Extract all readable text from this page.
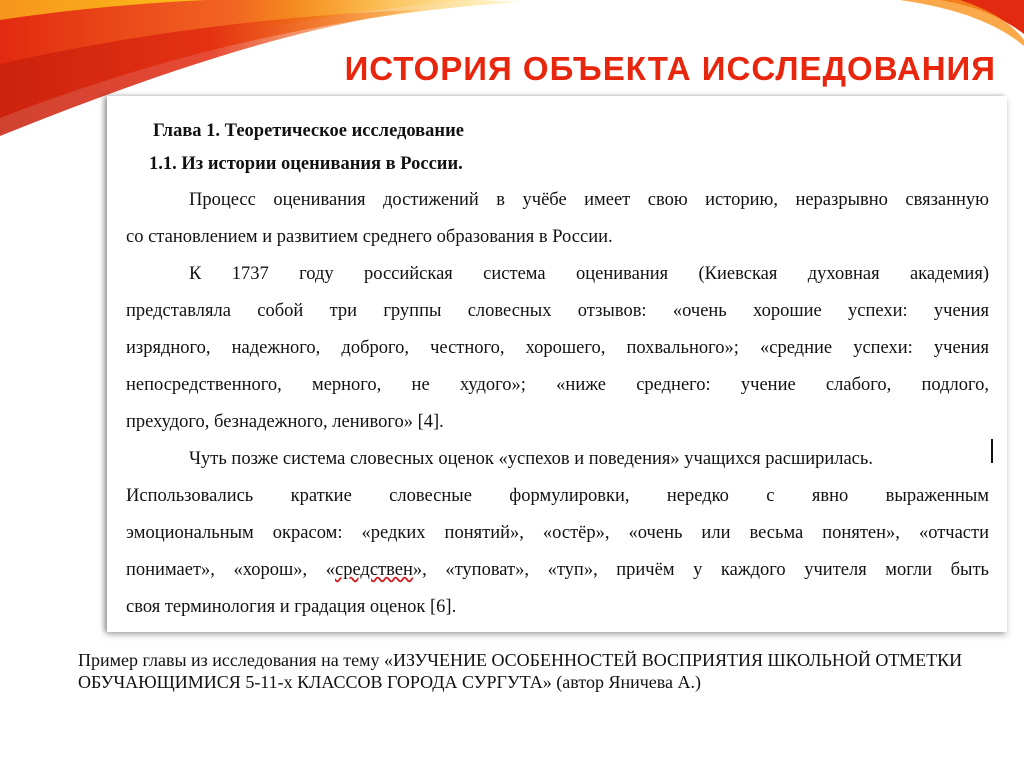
ИСТОРИЯ ОБЪЕКТА ИССЛЕДОВАНИЯ

Глава 1. Теоретическое исследование

1.1. Из истории оценивания в России.

Процесс оценивания достижений в учёбе имеет свою историю, неразрывно связанную

со становлением и развитием среднего образования в России.

К 1737 году российская система оценивания (Киевская духовная академия)

представляла собой три группы словесных отзывов: «очень хорошие успехи: учения

изрядного, надежного, доброго, честного, хорошего, похвального»; «средние успехи: учения

непосредственного, мерного, не худого»; «ниже среднего: учение слабого, подлого,

прехудого, безнадежного, ленивого» [4].

Чуть позже система словесных оценок «успехов и поведения» учащихся расширилась.

Использовались краткие словесные формулировки, нередко с явно выраженным

эмоциональным окрасом: «редких понятий», «остёр», «очень или весьма понятен», «отчасти

понимает», «хорош», «средствен», «туповат», «туп», причём у каждого учителя могли быть

своя терминология и градация оценок [6].

Пример главы из исследования на тему «ИЗУЧЕНИЕ ОСОБЕННОСТЕЙ ВОСПРИЯТИЯ ШКОЛЬНОЙ ОТМЕТКИ ОБУЧАЮЩИМИСЯ 5-11-х КЛАССОВ ГОРОДА СУРГУТА» (автор Яничева А.)
